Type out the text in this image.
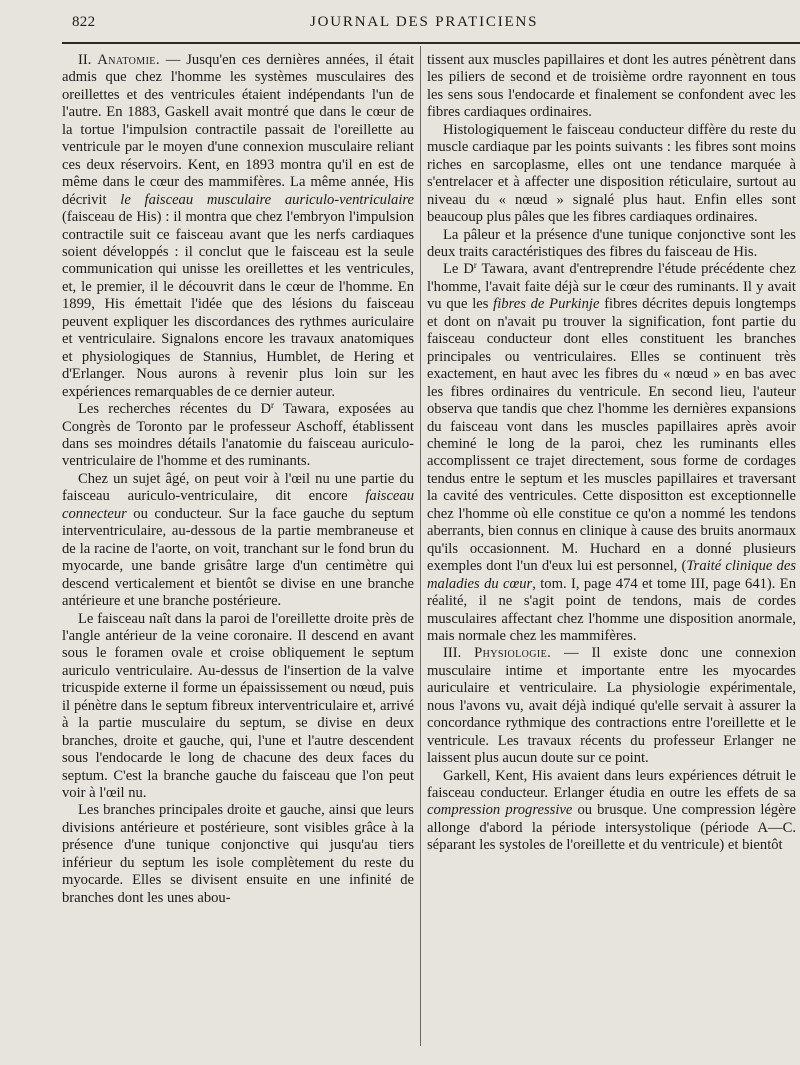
822	JOURNAL DES PRATICIENS

II. Anatomie. — Jusqu'en ces dernières années, il était admis que chez l'homme les systèmes musculaires des oreillettes et des ventricules étaient indépendants l'un de l'autre. En 1883, Gaskell avait montré que dans le cœur de la tortue l'impulsion contractile passait de l'oreillette au ventricule par le moyen d'une connexion musculaire reliant ces deux réservoirs. Kent, en 1893 montra qu'il en est de même dans le cœur des mammifères. La même année, His décrivit le faisceau musculaire auriculo-ventriculaire (faisceau de His) : il montra que chez l'embryon l'impulsion contractile suit ce faisceau avant que les nerfs cardiaques soient développés : il conclut que le faisceau est la seule communication qui unisse les oreillettes et les ventricules, et, le premier, il le découvrit dans le cœur de l'homme. En 1899, His émettait l'idée que des lésions du faisceau peuvent expliquer les discordances des rythmes auriculaire et ventriculaire. Signalons encore les travaux anatomiques et physiologiques de Stannius, Humblet, de Hering et d'Erlanger. Nous aurons à revenir plus loin sur les expériences remarquables de ce dernier auteur.

Les recherches récentes du $D^r$ Tawara, exposées au Congrès de Toronto par le professeur Aschoff, établissent dans ses moindres détails l'anatomie du faisceau auriculo-ventriculaire de l'homme et des ruminants.

Chez un sujet âgé, on peut voir à l'œil nu une partie du faisceau auriculo-ventriculaire, dit encore faisceau connecteur ou conducteur. Sur la face gauche du septum interventriculaire, au-dessous de la partie membraneuse et de la racine de l'aorte, on voit, tranchant sur le fond brun du myocarde, une bande grisâtre large d'un centimètre qui descend verticalement et bientôt se divise en une branche antérieure et une branche postérieure.

Le faisceau naît dans la paroi de l'oreillette droite près de l'angle antérieur de la veine coronaire. Il descend en avant sous le foramen ovale et croise obliquement le septum auriculo ventriculaire. Au-dessus de l'insertion de la valve tricuspide externe il forme un épaississement ou nœud, puis il pénètre dans le septum fibreux interventriculaire et, arrivé à la partie musculaire du septum, se divise en deux branches, droite et gauche, qui, l'une et l'autre descendent sous l'endocarde le long de chacune des deux faces du septum. C'est la branche gauche du faisceau que l'on peut voir à l'œil nu.

Les branches principales droite et gauche, ainsi que leurs divisions antérieure et postérieure, sont visibles grâce à la présence d'une tunique conjonctive qui jusqu'au tiers inférieur du septum les isole complètement du reste du myocarde. Elles se divisent ensuite en une infinité de branches dont les unes abou-

tissent aux muscles papillaires et dont les autres pénètrent dans les piliers de second et de troisième ordre rayonnent en tous les sens sous l'endocarde et finalement se confondent avec les fibres cardiaques ordinaires.

Histologiquement le faisceau conducteur diffère du reste du muscle cardiaque par les points suivants : les fibres sont moins riches en sarcoplasme, elles ont une tendance marquée à s'entrelacer et à affecter une disposition réticulaire, surtout au niveau du « nœud » signalé plus haut. Enfin elles sont beaucoup plus pâles que les fibres cardiaques ordinaires.

La pâleur et la présence d'une tunique conjonctive sont les deux traits caractéristiques des fibres du faisceau de His.

Le $D^r$ Tawara, avant d'entreprendre l'étude précédente chez l'homme, l'avait faite déjà sur le cœur des ruminants. Il y avait vu que les fibres de Purkinje fibres décrites depuis longtemps et dont on n'avait pu trouver la signification, font partie du faisceau conducteur dont elles constituent les branches principales ou ventriculaires. Elles se continuent très exactement, en haut avec les fibres du « nœud » en bas avec les fibres ordinaires du ventricule. En second lieu, l'auteur observa que tandis que chez l'homme les dernières expansions du faisceau vont dans les muscles papillaires après avoir cheminé le long de la paroi, chez les ruminants elles accomplissent ce trajet directement, sous forme de cordages tendus entre le septum et les muscles papillaires et traversant la cavité des ventricules. Cette dispositton est exceptionnelle chez l'homme où elle constitue ce qu'on a nommé les tendons aberrants, bien connus en clinique à cause des bruits anormaux qu'ils occasionnent. M. Huchard en a donné plusieurs exemples dont l'un d'eux lui est personnel, (Traité clinique des maladies du cœur, tom. I, page 474 et tome III, page 641). En réalité, il ne s'agit point de tendons, mais de cordes musculaires affectant chez l'homme une disposition anormale, mais normale chez les mammifères.

III. Physiologie. — Il existe donc une connexion musculaire intime et importante entre les myocardes auriculaire et ventriculaire. La physiologie expérimentale, nous l'avons vu, avait déjà indiqué qu'elle servait à assurer la concordance rythmique des contractions entre l'oreillette et le ventricule. Les travaux récents du professeur Erlanger ne laissent plus aucun doute sur ce point.

Garkell, Kent, His avaient dans leurs expériences détruit le faisceau conducteur. Erlanger étudia en outre les effets de sa compression progressive ou brusque. Une compression légère allonge d'abord la période intersystolique (période A—C. séparant les systoles de l'oreillette et du ventricule) et bientôt
